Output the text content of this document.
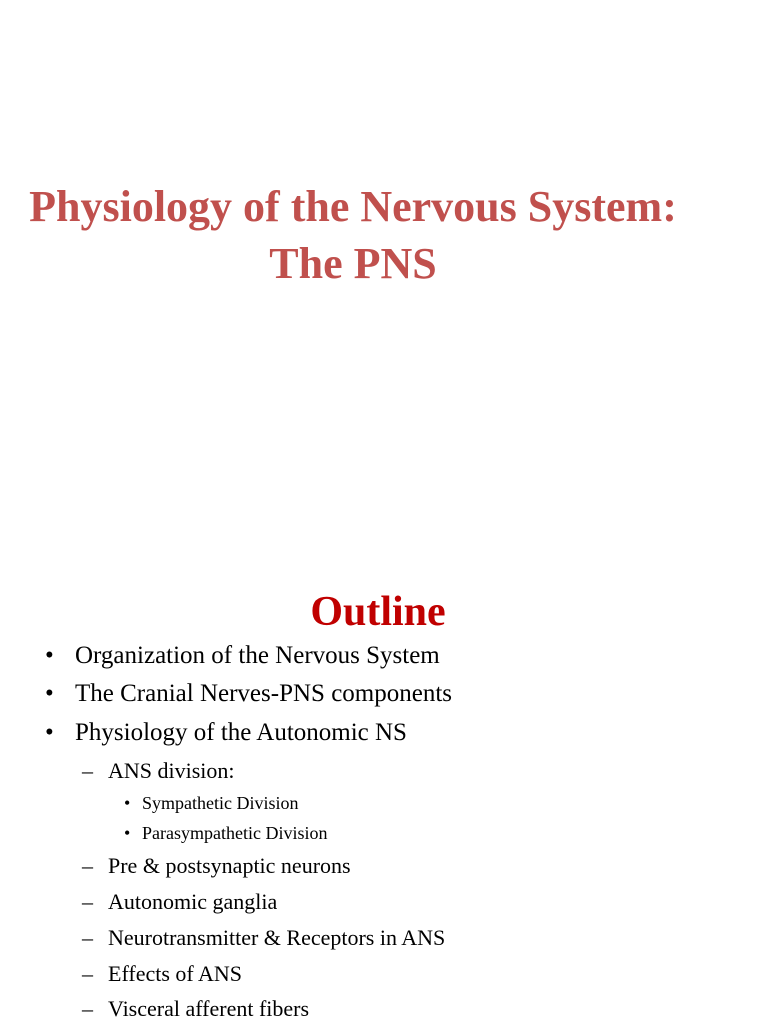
Physiology of the Nervous System:
The PNS
Outline
• Organization of the Nervous System
• The Cranial Nerves-PNS components
• Physiology of the Autonomic NS
– ANS division:
• Sympathetic Division
• Parasympathetic Division
– Pre & postsynaptic neurons
– Autonomic ganglia
– Neurotransmitter & Receptors in ANS
– Effects of ANS
– Visceral afferent fibers
